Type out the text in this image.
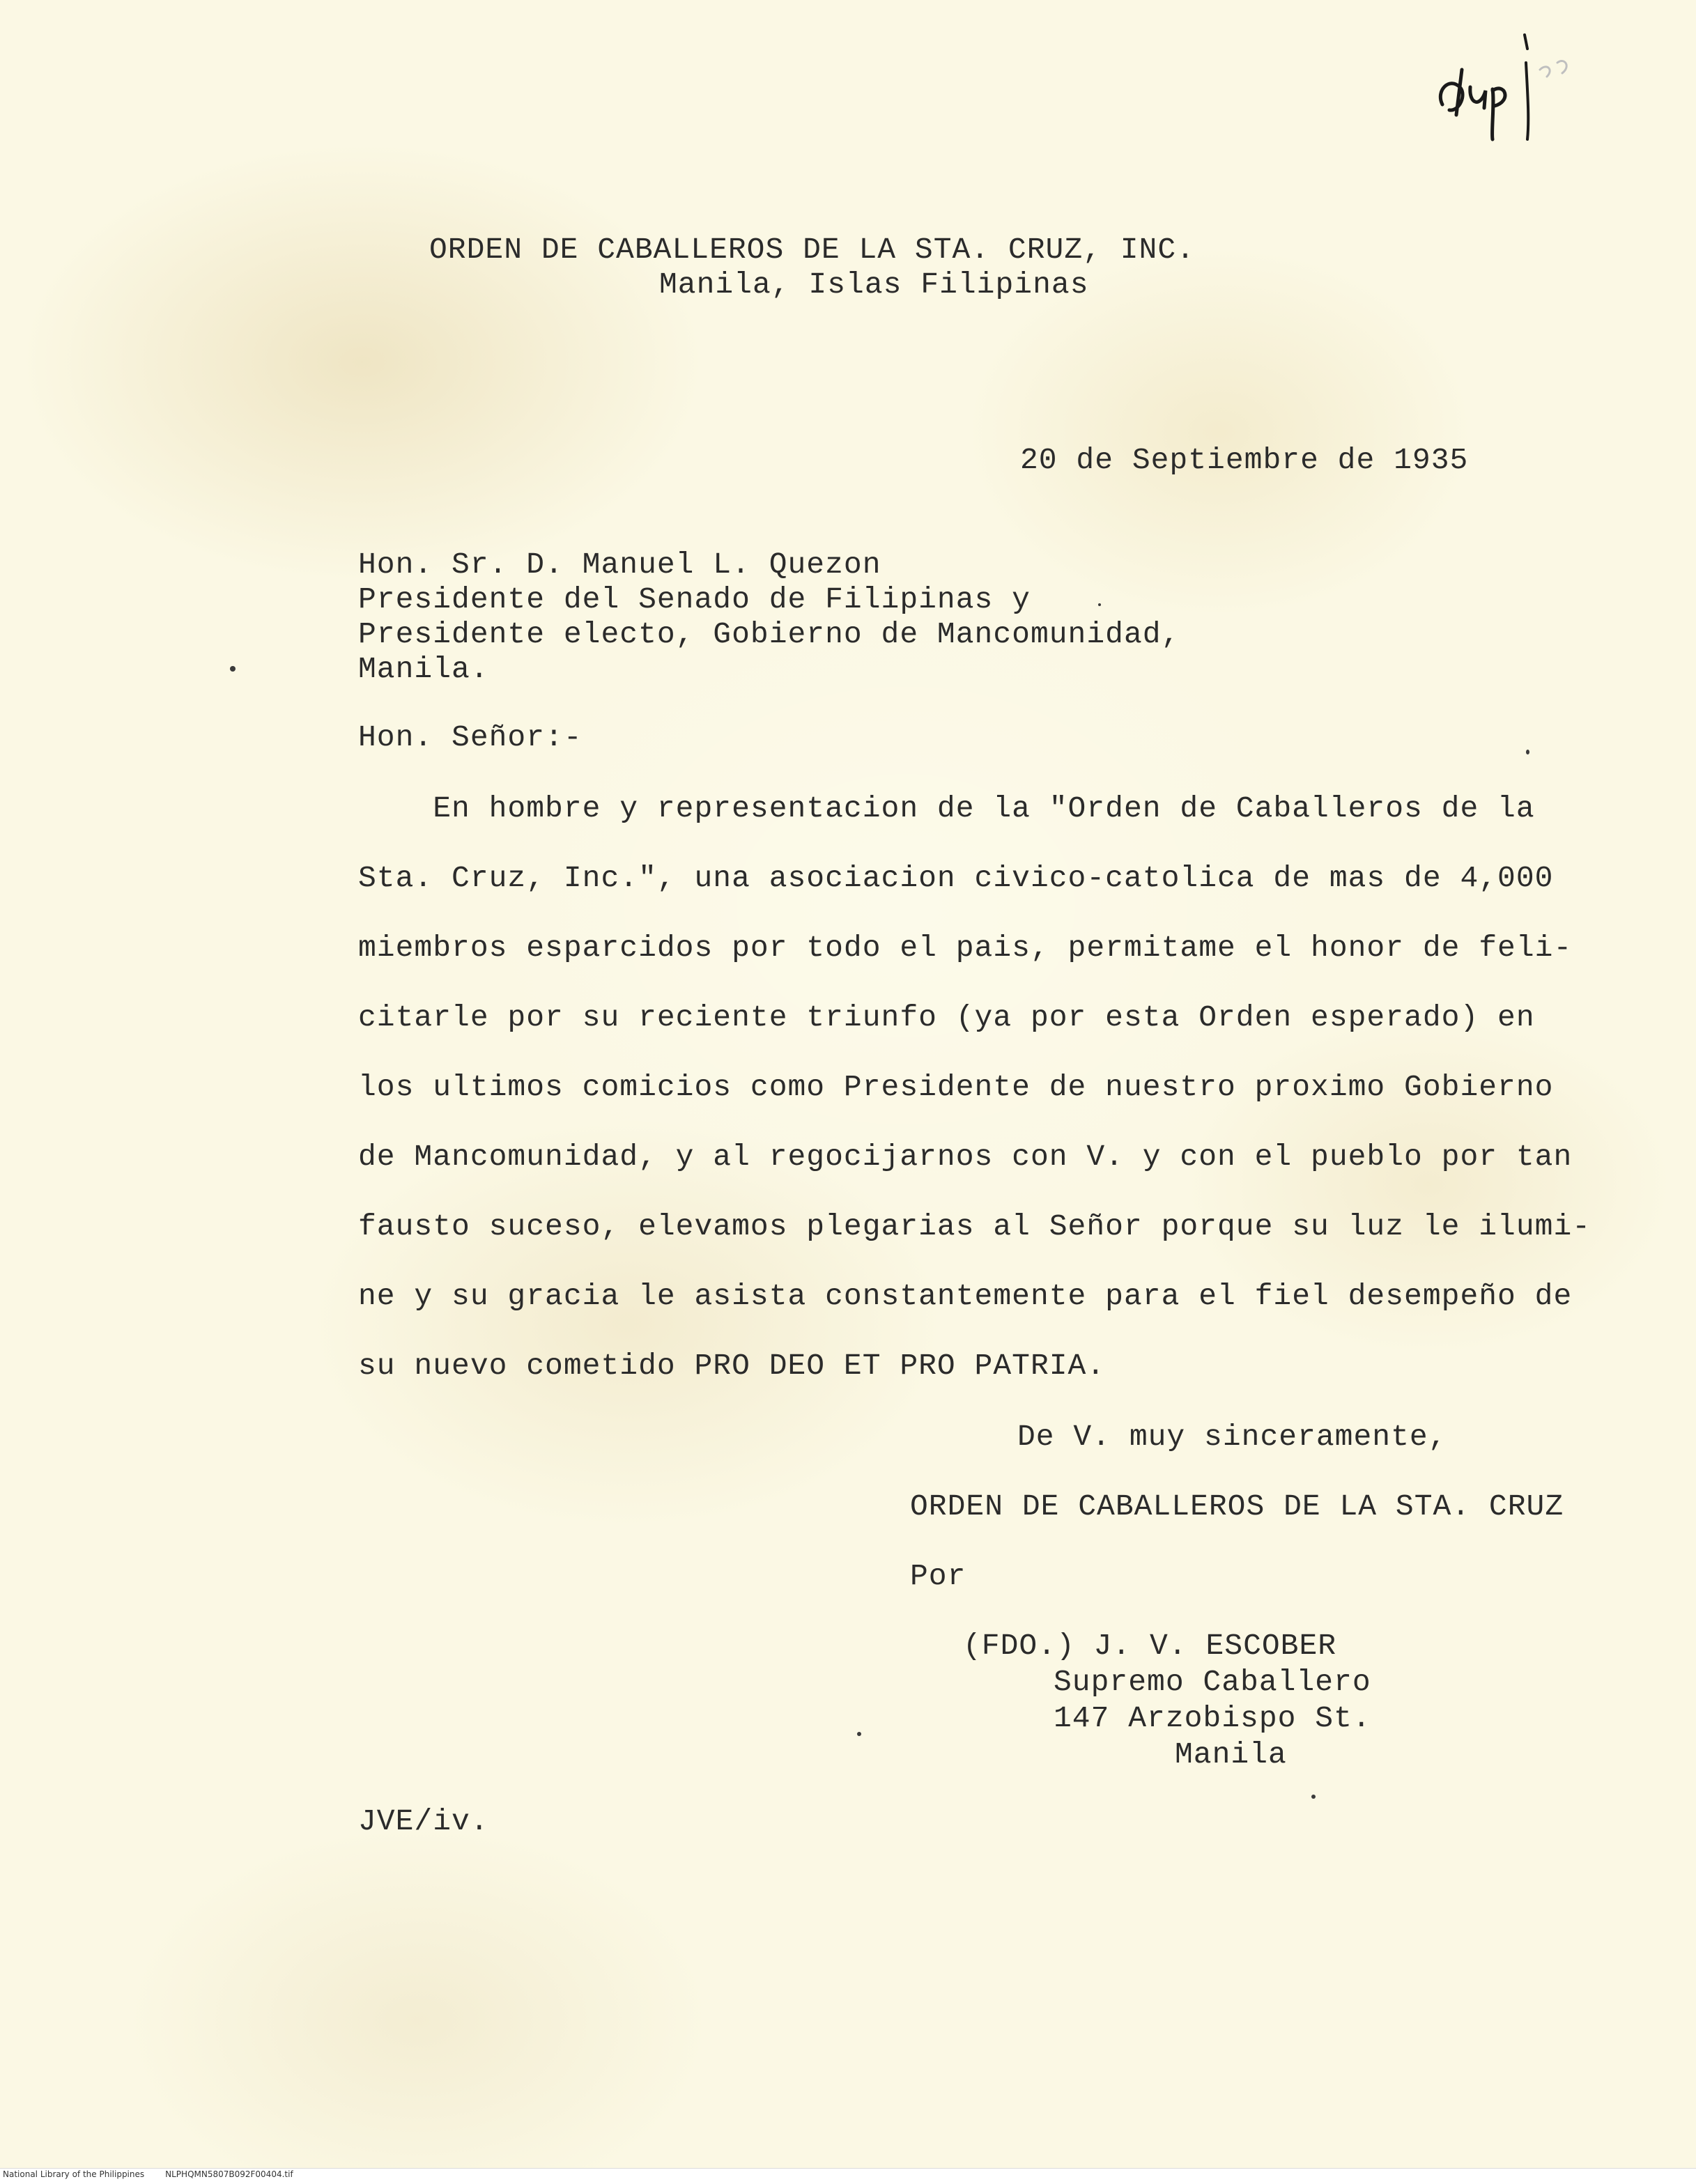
ORDEN DE CABALLEROS DE LA STA. CRUZ, INC.

Manila, Islas Filipinas

20 de Septiembre de 1935

Hon. Sr. D. Manuel L. Quezon

Presidente del Senado de Filipinas y

Presidente electo, Gobierno de Mancomunidad,

Manila.

Hon. Señor:-

En hombre y representacion de la "Orden de Caballeros de la

Sta. Cruz, Inc.", una asociacion civico-catolica de mas de 4,000

miembros esparcidos por todo el pais, permitame el honor de feli-

citarle por su reciente triunfo (ya por esta Orden esperado) en

los ultimos comicios como Presidente de nuestro proximo Gobierno

de Mancomunidad, y al regocijarnos con V. y con el pueblo por tan

fausto suceso, elevamos plegarias al Señor porque su luz le ilumi-

ne y su gracia le asista constantemente para el fiel desempeño de

su nuevo cometido PRO DEO ET PRO PATRIA.

De V. muy sinceramente,

ORDEN DE CABALLEROS DE LA STA. CRUZ

Por

(FDO.) J. V. ESCOBER

Supremo Caballero

147 Arzobispo St.

Manila

JVE/iv.

National Library of the Philippines	NLPHQMN5807B092F00404.tif
